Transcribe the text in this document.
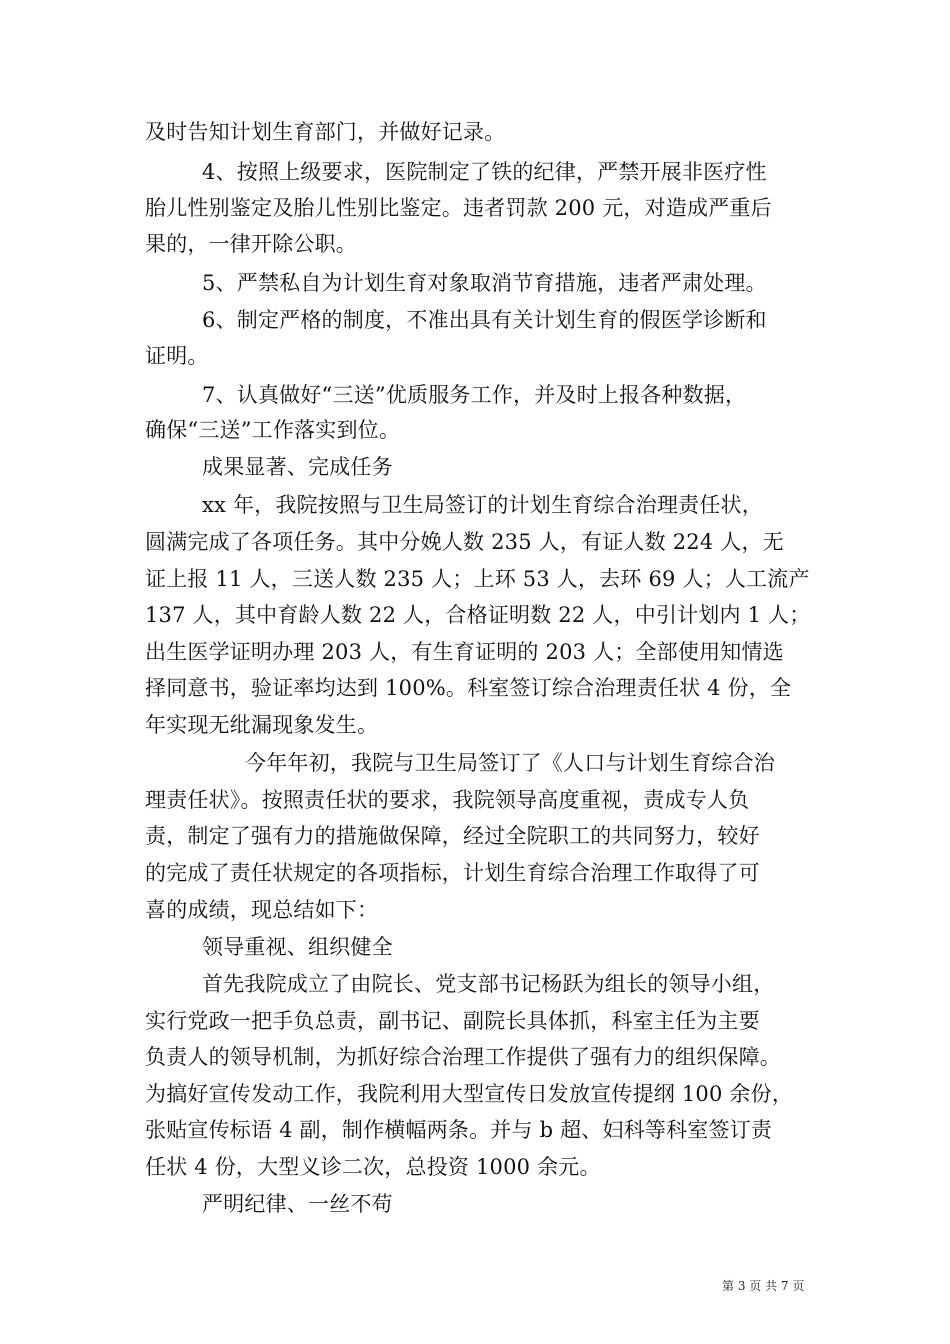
及时告知计划生育部门，并做好记录。
4、按照上级要求，医院制定了铁的纪律，严禁开展非医疗性
胎儿性别鉴定及胎儿性别比鉴定。违者罚款 200 元，对造成严重后
果的，一律开除公职。
5、严禁私自为计划生育对象取消节育措施，违者严肃处理。
6、制定严格的制度，不准出具有关计划生育的假医学诊断和
证明。
7、认真做好“三送”优质服务工作，并及时上报各种数据，
确保“三送”工作落实到位。
成果显著、完成任务
xx 年，我院按照与卫生局签订的计划生育综合治理责任状，
圆满完成了各项任务。其中分娩人数 235 人，有证人数 224 人，无
证上报 11 人，三送人数 235 人；上环 53 人，去环 69 人；人工流产
137 人，其中育龄人数 22 人，合格证明数 22 人，中引计划内 1 人；
出生医学证明办理 203 人，有生育证明的 203 人；全部使用知情选
择同意书，验证率均达到 100%。科室签订综合治理责任状 4 份，全
年实现无纰漏现象发生。
今年年初，我院与卫生局签订了《人口与计划生育综合治
理责任状》。按照责任状的要求，我院领导高度重视，责成专人负
责，制定了强有力的措施做保障，经过全院职工的共同努力，较好
的完成了责任状规定的各项指标，计划生育综合治理工作取得了可
喜的成绩，现总结如下：
领导重视、组织健全
首先我院成立了由院长、党支部书记杨跃为组长的领导小组，
实行党政一把手负总责，副书记、副院长具体抓，科室主任为主要
负责人的领导机制，为抓好综合治理工作提供了强有力的组织保障。
为搞好宣传发动工作，我院利用大型宣传日发放宣传提纲 100 余份，
张贴宣传标语 4 副，制作横幅两条。并与 b 超、妇科等科室签订责
任状 4 份，大型义诊二次，总投资 1000 余元。
严明纪律、一丝不苟
第 3 页 共 7 页
